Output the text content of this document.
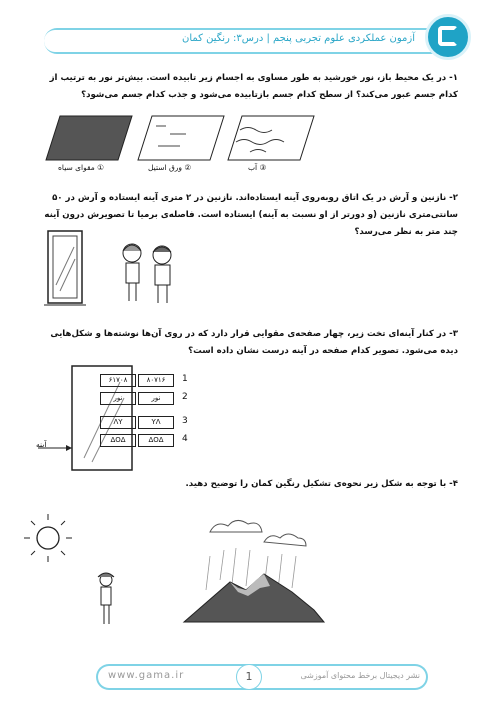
آزمون عملکردی علوم تجربی پنجم | درس۳: رنگین کمان
۱- در یک محیط باز، نور خورشید به طور مساوی به اجسام زیر تابیده است. بیش‌تر نور به ترتیب از کدام جسم عبور می‌کند؟ از سطح کدام جسم بازتابیده می‌شود و جذب کدام جسم می‌شود؟
① مقوای سیاه	② ورق استیل	③ آب
۲- نازنین و آرش در یک اتاق روبه‌روی آینه ایستاده‌اند. نازنین در ۲ متری آینه ایستاده و آرش در ۵۰ سانتی‌متری نازنین (و دورتر از او نسبت به آینه) ایستاده است. فاصله‌ی برمیا تا تصویرش درون آینه چند متر به نظر می‌رسد؟
۳- در کنار آینه‌ای تخت زیر، چهار صفحه‌ی مقوایی قرار دارد که در روی آن‌ها نوشته‌ها و شکل‌هایی دیده می‌شود. تصویر کدام صفحه در آینه درست نشان داده است؟
آینه
۶۱۷۰۸	۸۰۷۱۶	1
نور	نور	2
ΛΥ	ΥΛ	3
ΔΟΔ	ΔΟΔ	4
۴- با توجه به شکل زیر نحوه‌ی تشکیل رنگین کمان را توضیح دهید.
www.gama.ir	نشر دیجیتال برخط محتوای آموزشی
1
